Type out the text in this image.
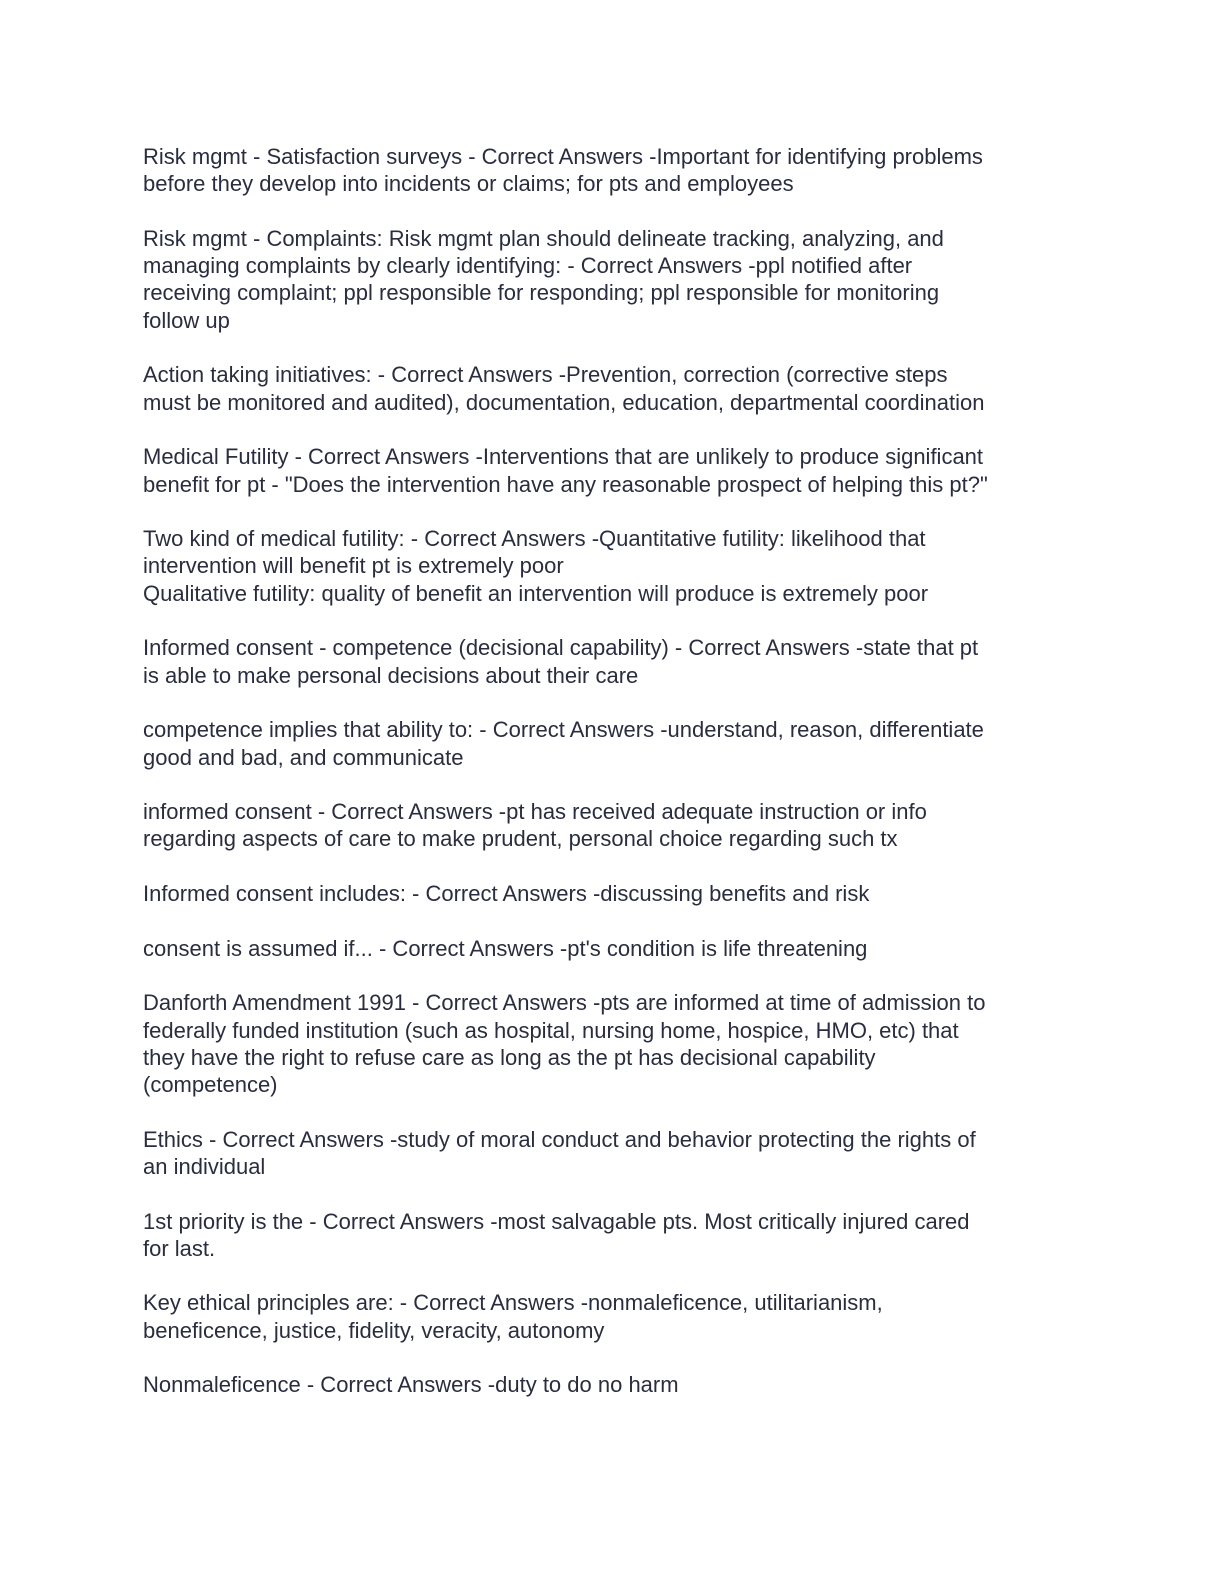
Risk mgmt - Satisfaction surveys - Correct Answers -Important for identifying problems
before they develop into incidents or claims; for pts and employees

Risk mgmt - Complaints: Risk mgmt plan should delineate tracking, analyzing, and
managing complaints by clearly identifying: - Correct Answers -ppl notified after
receiving complaint; ppl responsible for responding; ppl responsible for monitoring
follow up

Action taking initiatives: - Correct Answers -Prevention, correction (corrective steps
must be monitored and audited), documentation, education, departmental coordination

Medical Futility - Correct Answers -Interventions that are unlikely to produce significant
benefit for pt - "Does the intervention have any reasonable prospect of helping this pt?"

Two kind of medical futility: - Correct Answers -Quantitative futility: likelihood that
intervention will benefit pt is extremely poor
Qualitative futility: quality of benefit an intervention will produce is extremely poor

Informed consent - competence (decisional capability) - Correct Answers -state that pt
is able to make personal decisions about their care

competence implies that ability to: - Correct Answers -understand, reason, differentiate
good and bad, and communicate

informed consent - Correct Answers -pt has received adequate instruction or info
regarding aspects of care to make prudent, personal choice regarding such tx

Informed consent includes: - Correct Answers -discussing benefits and risk

consent is assumed if... - Correct Answers -pt's condition is life threatening

Danforth Amendment 1991 - Correct Answers -pts are informed at time of admission to
federally funded institution (such as hospital, nursing home, hospice, HMO, etc) that
they have the right to refuse care as long as the pt has decisional capability
(competence)

Ethics - Correct Answers -study of moral conduct and behavior protecting the rights of
an individual

1st priority is the - Correct Answers -most salvagable pts. Most critically injured cared
for last.

Key ethical principles are: - Correct Answers -nonmaleficence, utilitarianism,
beneficence, justice, fidelity, veracity, autonomy

Nonmaleficence - Correct Answers -duty to do no harm
